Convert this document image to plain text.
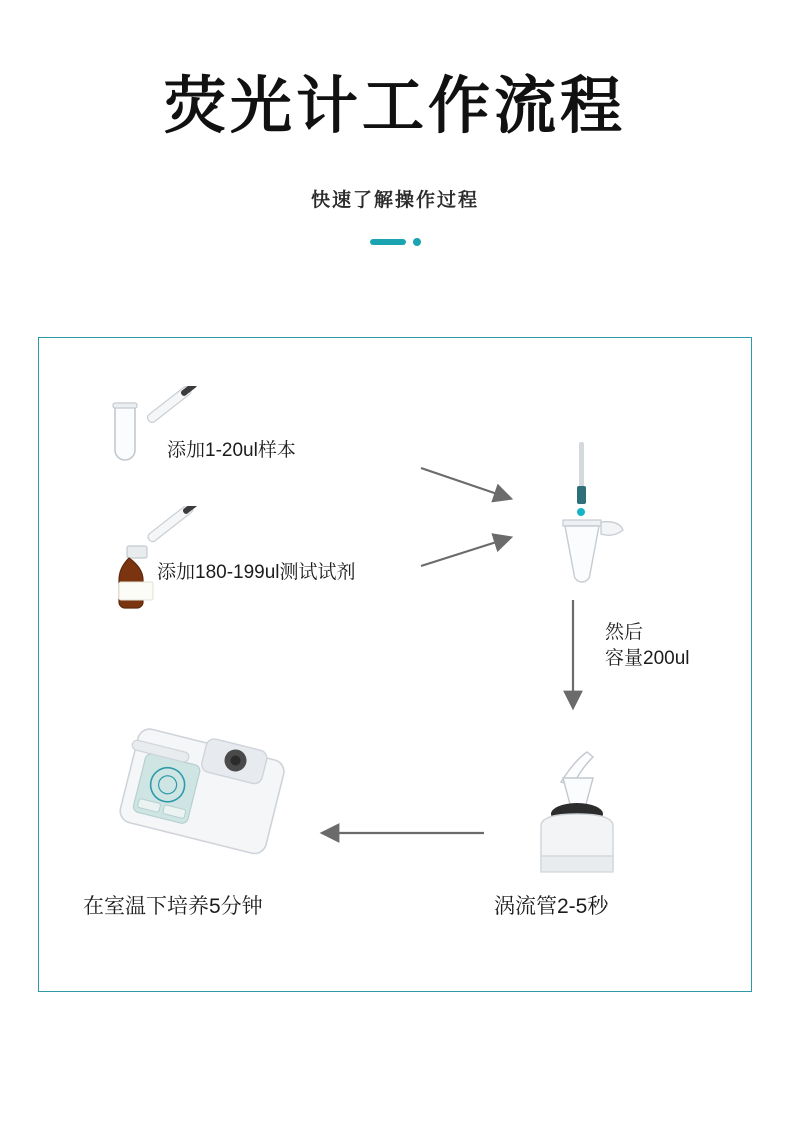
荧光计工作流程
快速了解操作过程
添加1-20ul样本
添加180-199ul测试试剂
然后
容量200ul
在室温下培养5分钟	涡流管2-5秒
